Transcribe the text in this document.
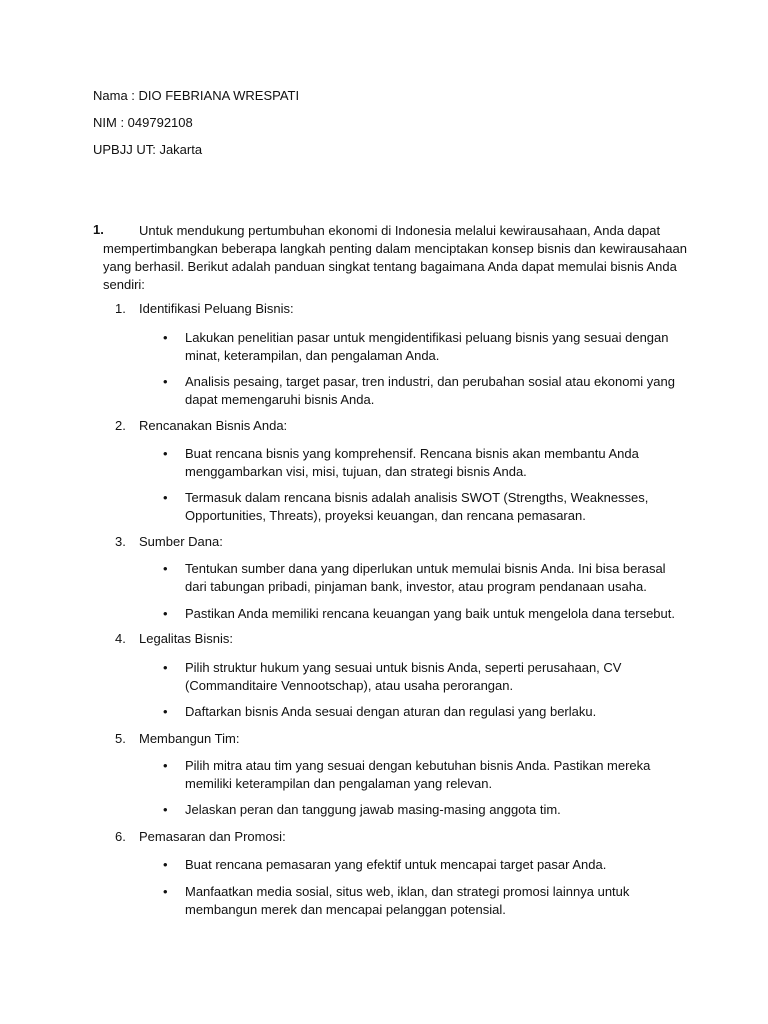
Nama : DIO FEBRIANA WRESPATI
NIM : 049792108
UPBJJ UT: Jakarta
1.	Untuk mendukung pertumbuhan ekonomi di Indonesia melalui kewirausahaan, Anda dapat mempertimbangkan beberapa langkah penting dalam menciptakan konsep bisnis dan kewirausahaan yang berhasil. Berikut adalah panduan singkat tentang bagaimana Anda dapat memulai bisnis Anda sendiri:
1. Identifikasi Peluang Bisnis:
• Lakukan penelitian pasar untuk mengidentifikasi peluang bisnis yang sesuai dengan minat, keterampilan, dan pengalaman Anda.
• Analisis pesaing, target pasar, tren industri, dan perubahan sosial atau ekonomi yang dapat memengaruhi bisnis Anda.
2. Rencanakan Bisnis Anda:
• Buat rencana bisnis yang komprehensif. Rencana bisnis akan membantu Anda menggambarkan visi, misi, tujuan, dan strategi bisnis Anda.
• Termasuk dalam rencana bisnis adalah analisis SWOT (Strengths, Weaknesses, Opportunities, Threats), proyeksi keuangan, dan rencana pemasaran.
3. Sumber Dana:
• Tentukan sumber dana yang diperlukan untuk memulai bisnis Anda. Ini bisa berasal dari tabungan pribadi, pinjaman bank, investor, atau program pendanaan usaha.
• Pastikan Anda memiliki rencana keuangan yang baik untuk mengelola dana tersebut.
4. Legalitas Bisnis:
• Pilih struktur hukum yang sesuai untuk bisnis Anda, seperti perusahaan, CV (Commanditaire Vennootschap), atau usaha perorangan.
• Daftarkan bisnis Anda sesuai dengan aturan dan regulasi yang berlaku.
5. Membangun Tim:
• Pilih mitra atau tim yang sesuai dengan kebutuhan bisnis Anda. Pastikan mereka memiliki keterampilan dan pengalaman yang relevan.
• Jelaskan peran dan tanggung jawab masing-masing anggota tim.
6. Pemasaran dan Promosi:
• Buat rencana pemasaran yang efektif untuk mencapai target pasar Anda.
• Manfaatkan media sosial, situs web, iklan, dan strategi promosi lainnya untuk membangun merek dan mencapai pelanggan potensial.
